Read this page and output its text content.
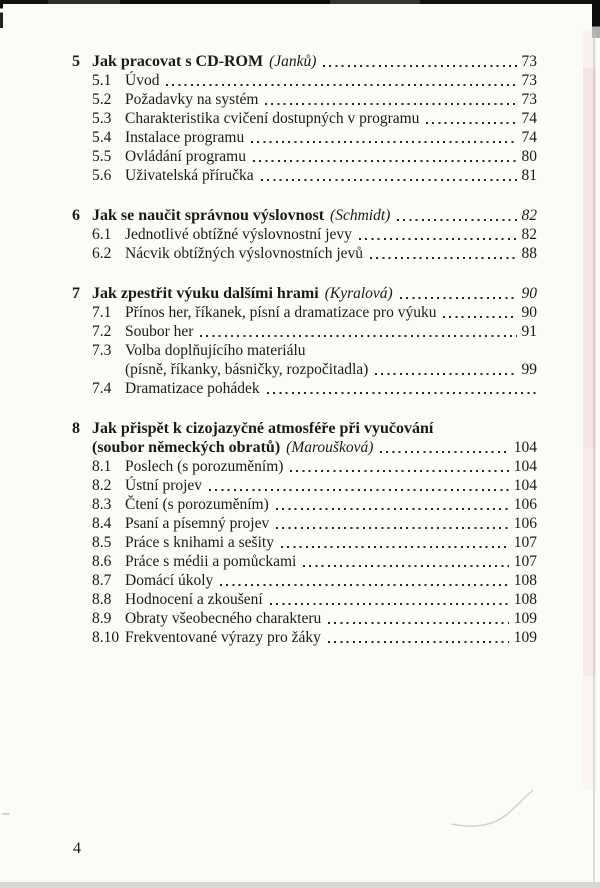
5 Jak pracovat s CD-ROM (Janků)	73
5.1 Úvod	73
5.2 Požadavky na systém	73
5.3 Charakteristika cvičení dostupných v programu	74
5.4 Instalace programu	74
5.5 Ovládání programu	80
5.6 Uživatelská příručka	81
6 Jak se naučit správnou výslovnost (Schmidt)	82
6.1 Jednotlivé obtížné výslovnostní jevy	82
6.2 Nácvik obtížných výslovnostních jevů	88
7 Jak zpestřit výuku dalšími hrami (Kyralová)	90
7.1 Přínos her, říkanek, písní a dramatizace pro výuku	90
7.2 Soubor her	91
7.3 Volba doplňujícího materiálu
(písně, říkanky, básničky, rozpočitadla)	99
7.4 Dramatizace pohádek
8 Jak přispět k cizojazyčné atmosféře při vyučování
(soubor německých obratů) (Maroušková)	104
8.1 Poslech (s porozuměním)	104
8.2 Ústní projev	104
8.3 Čtení (s porozuměním)	106
8.4 Psaní a písemný projev	106
8.5 Práce s knihami a sešity	107
8.6 Práce s médii a pomůckami	107
8.7 Domácí úkoly	108
8.8 Hodnocení a zkoušení	108
8.9 Obraty všeobecného charakteru	109
8.10 Frekventované výrazy pro žáky	109
4
